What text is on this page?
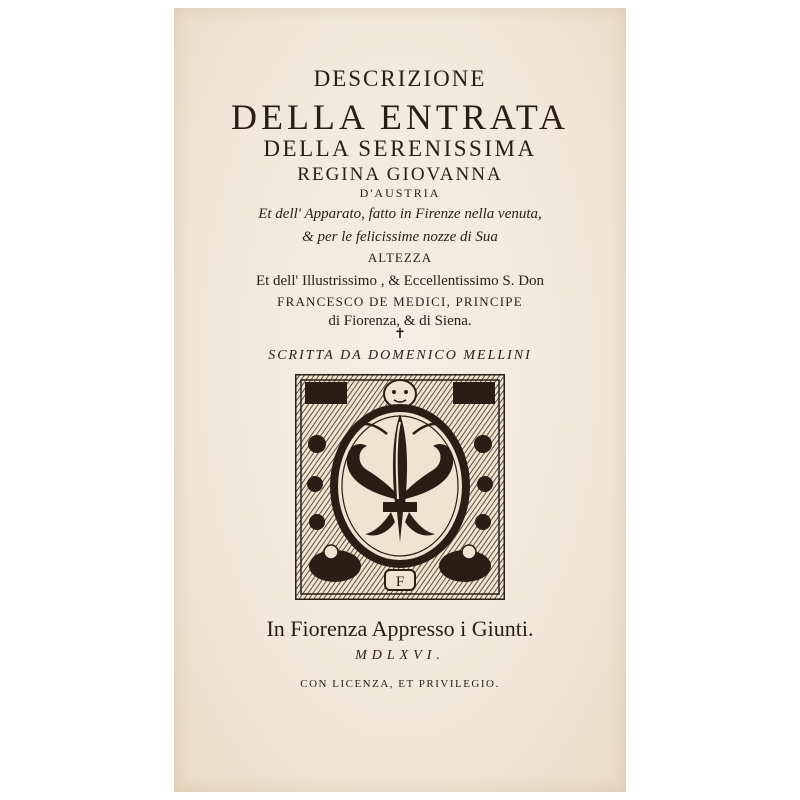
DESCRIZIONE

DELLA ENTRATA

DELLA SERENISSIMA

REGINA GIOVANNA

D'AUSTRIA

Et dell' Apparato, fatto in Firenze nella venuta,

& per le felicissime nozze di Sua

ALTEZZA

Et dell' Illustrissimo , & Eccellentissimo S. Don

FRANCESCO DE MEDICI, PRINCIPE

di Fiorenza, & di Siena.

✝

SCRITTA DA DOMENICO MELLINI

F

In Fiorenza Appresso i Giunti.

MDLXVI.

CON LICENZA, ET PRIVILEGIO.
